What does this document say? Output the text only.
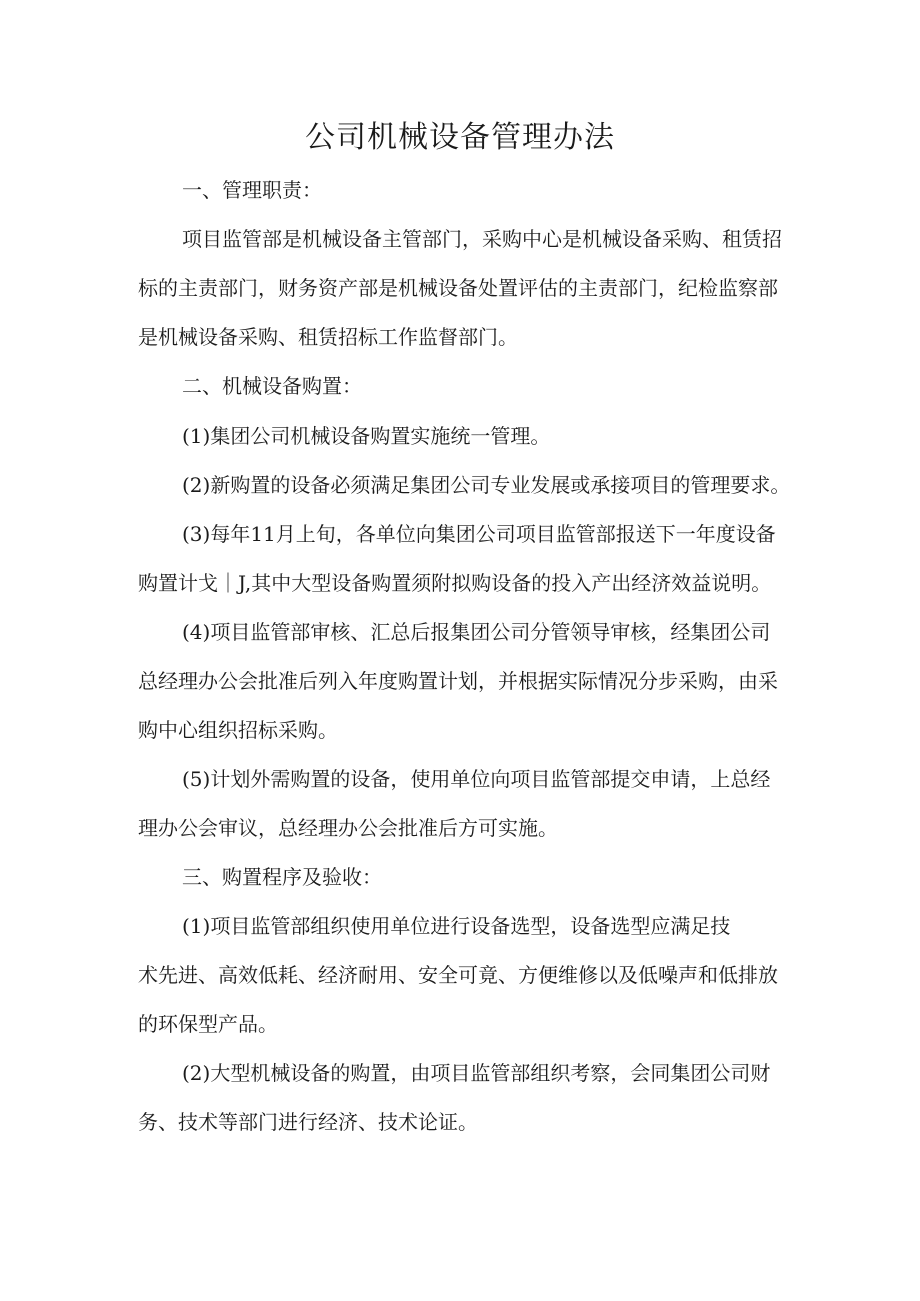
公司机械设备管理办法
一、管理职责：
项目监管部是机械设备主管部门，采购中心是机械设备采购、租赁招
标的主责部门，财务资产部是机械设备处置评估的主责部门，纪检监察部
是机械设备采购、租赁招标工作监督部门。
二、机械设备购置：
(1)集团公司机械设备购置实施统一管理。
(2)新购置的设备必须满足集团公司专业发展或承接项目的管理要求。
(3)每年11月上旬，各单位向集团公司项目监管部报送下一年度设备
购置计戈｜J,其中大型设备购置须附拟购设备的投入产出经济效益说明。
(4)项目监管部审核、汇总后报集团公司分管领导审核，经集团公司
总经理办公会批准后列入年度购置计划，并根据实际情况分步采购，由采
购中心组织招标采购。
(5)计划外需购置的设备，使用单位向项目监管部提交申请，上总经
理办公会审议，总经理办公会批准后方可实施。
三、购置程序及验收：
(1)项目监管部组织使用单位进行设备选型，设备选型应满足技
术先进、高效低耗、经济耐用、安全可竟、方便维修以及低噪声和低排放
的环保型产品。
(2)大型机械设备的购置，由项目监管部组织考察，会同集团公司财
务、技术等部门进行经济、技术论证。
